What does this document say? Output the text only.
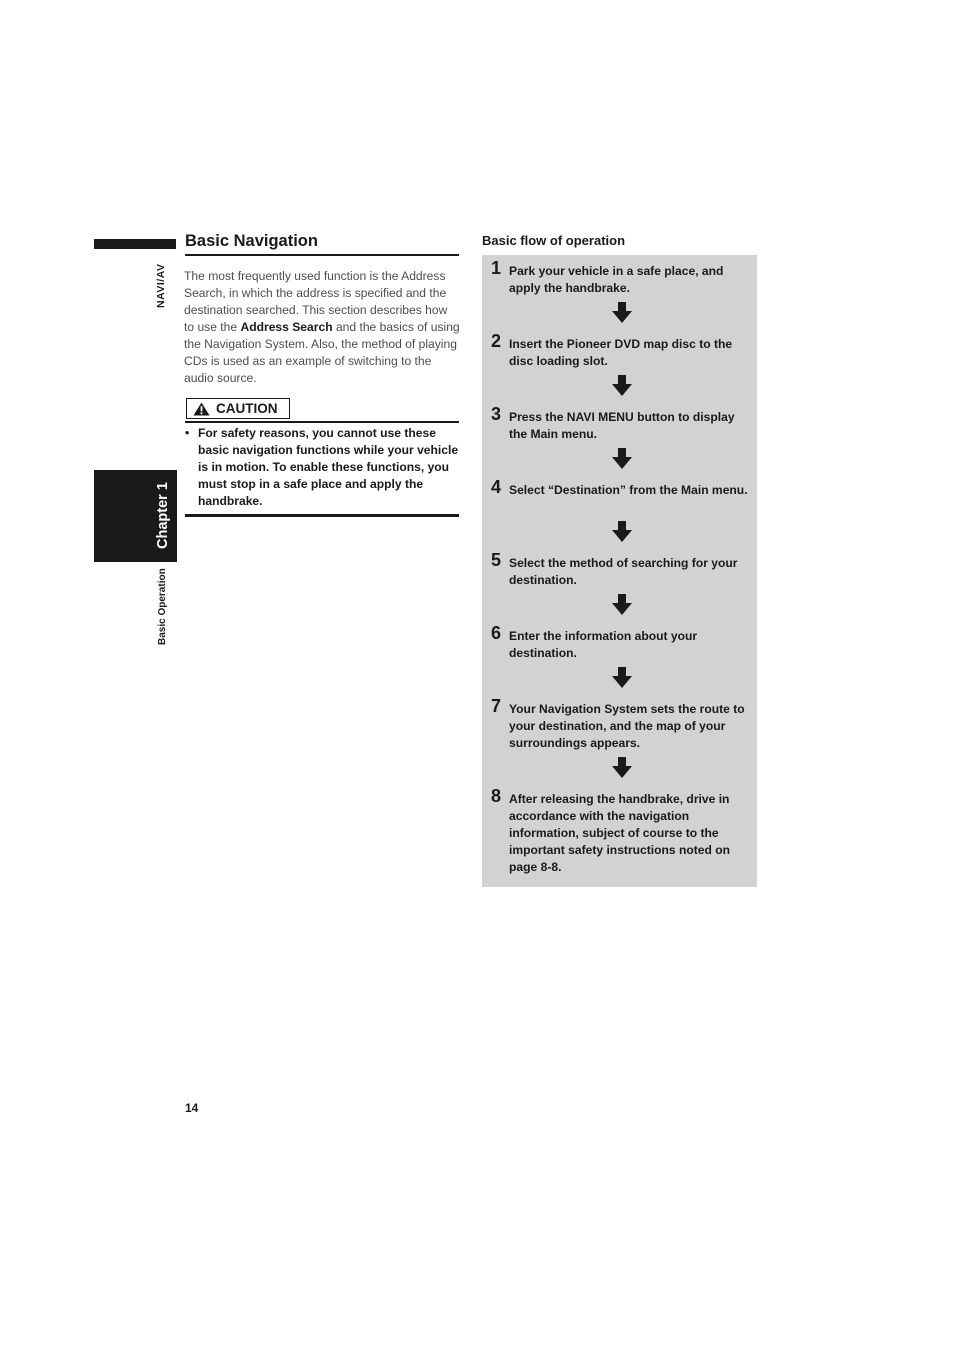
NAVI/AV
Chapter 1
Basic Operation
Basic Navigation
The most frequently used function is the Address Search, in which the address is specified and the destination searched. This section describes how to use the Address Search and the basics of using the Navigation System. Also, the method of playing CDs is used as an example of switching to the audio source.
CAUTION
• For safety reasons, you cannot use these basic navigation functions while your vehicle is in motion. To enable these functions, you must stop in a safe place and apply the handbrake.
Basic flow of operation
1 Park your vehicle in a safe place, and apply the handbrake.
2 Insert the Pioneer DVD map disc to the disc loading slot.
3 Press the NAVI MENU button to display the Main menu.
4 Select “Destination” from the Main menu.
5 Select the method of searching for your destination.
6 Enter the information about your destination.
7 Your Navigation System sets the route to your destination, and the map of your surroundings appears.
8 After releasing the handbrake, drive in accordance with the navigation information, subject of course to the important safety instructions noted on page 8-8.
14
